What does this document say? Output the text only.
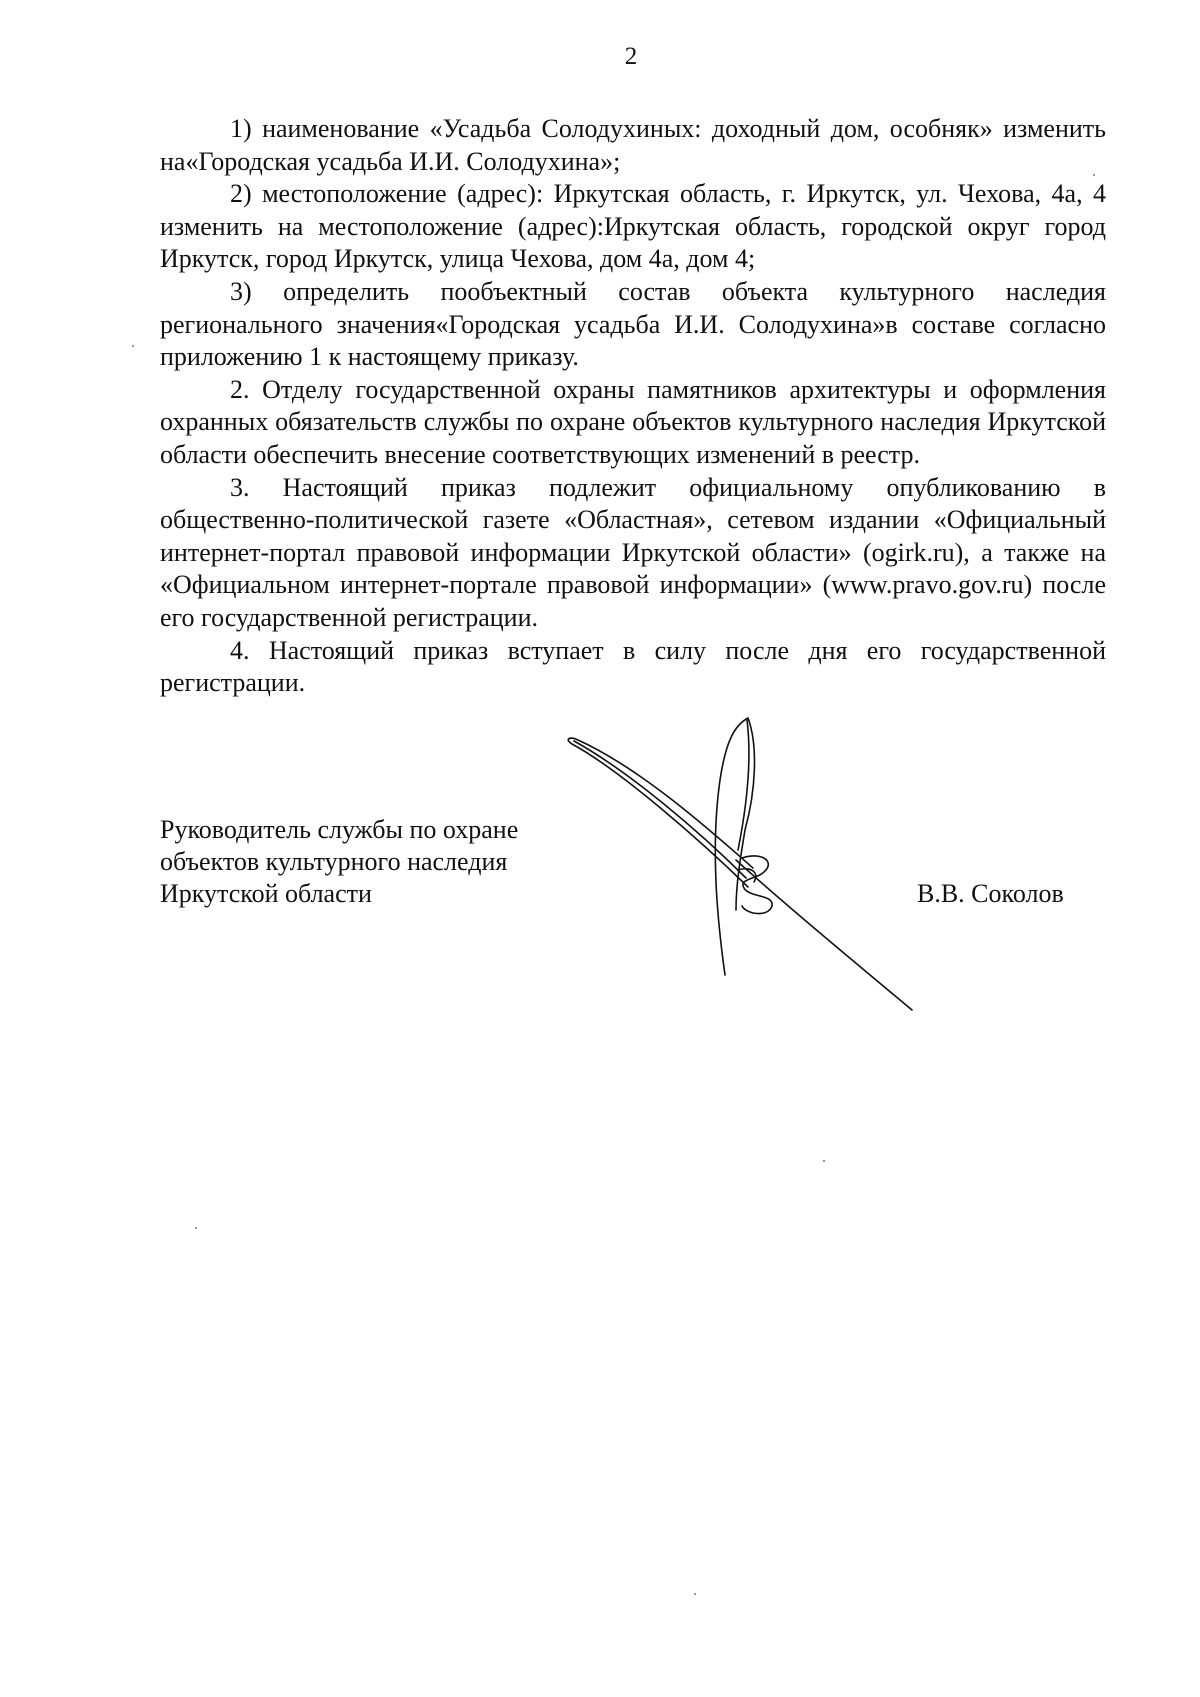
2

1) наименование «Усадьба Солодухиных: доходный дом, особняк» изменить на«Городская усадьба И.И. Солодухина»;

2) местоположение (адрес): Иркутская область, г. Иркутск, ул. Чехова, 4а, 4 изменить на местоположение (адрес):Иркутская область, городской округ город Иркутск, город Иркутск, улица Чехова, дом 4а, дом 4;

3) определить пообъектный состав объекта культурного наследия регионального значения«Городская усадьба И.И. Солодухина»в составе согласно приложению 1 к настоящему приказу.

2. Отделу государственной охраны памятников архитектуры и оформления охранных обязательств службы по охране объектов культурного наследия Иркутской области обеспечить внесение соответствующих изменений в реестр.

3. Настоящий приказ подлежит официальному опубликованию в общественно-политической газете «Областная», сетевом издании «Официальный интернет-портал правовой информации Иркутской области» (ogirk.ru), а также на «Официальном интернет-портале правовой информации» (www.pravo.gov.ru) после его государственной регистрации.

4. Настоящий приказ вступает в силу после дня его государственной регистрации.

Руководитель службы по охране
объектов культурного наследия
Иркутской области	В.В. Соколов
